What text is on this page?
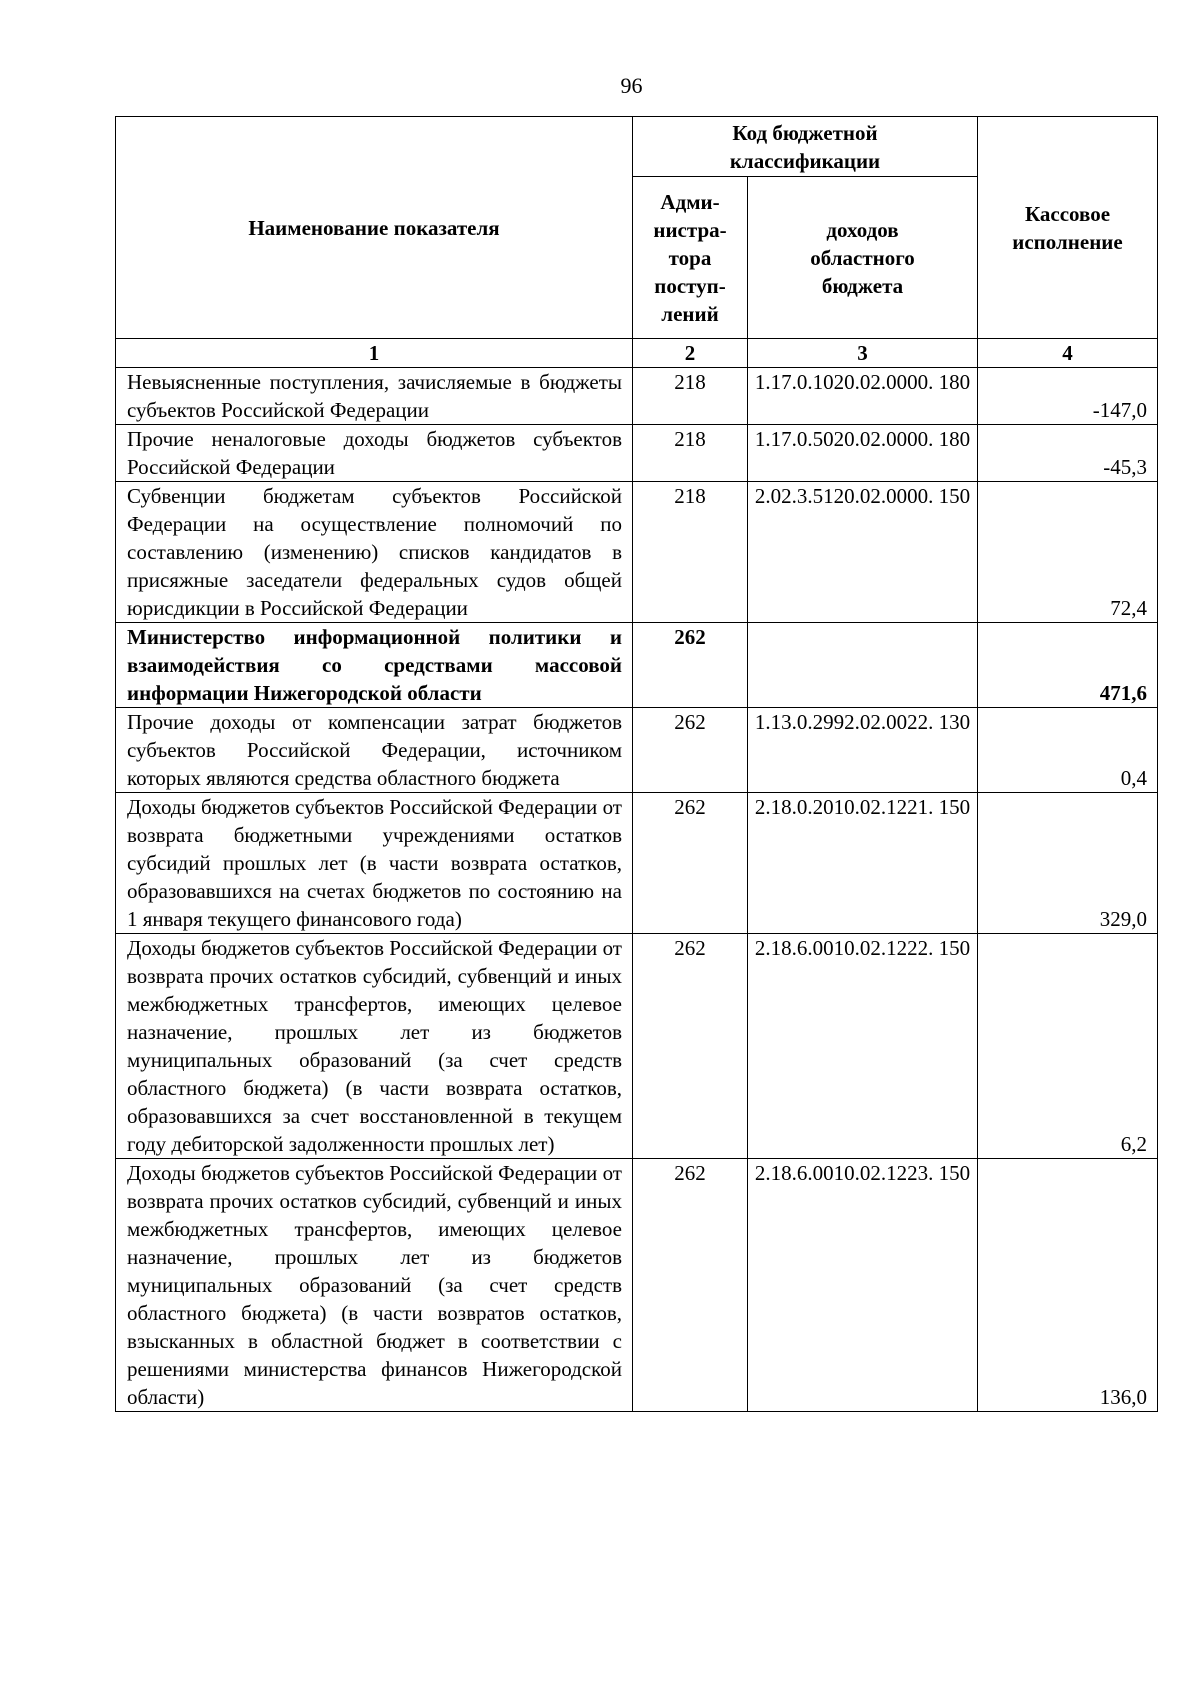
96
Наименование показателя	Код бюджетной классификации		Кассовое исполнение

	Адми-нистра-тора поступ-лений	доходов областного бюджета	

1	2	3	4
Невыясненные поступления, зачисляемые в бюджеты субъектов Российской Федерации	218	1.17.0.1020.02.0000. 180	-147,0
Прочие неналоговые доходы бюджетов субъектов Российской Федерации	218	1.17.0.5020.02.0000. 180	-45,3
Субвенции бюджетам субъектов Российской Федерации на осуществление полномочий по составлению (изменению) списков кандидатов в присяжные заседатели федеральных судов общей юрисдикции в Российской Федерации	218	2.02.3.5120.02.0000. 150	72,4
Министерство информационной политики и взаимодействия со средствами массовой информации Нижегородской области	262		471,6
Прочие доходы от компенсации затрат бюджетов субъектов Российской Федерации, источником которых являются средства областного бюджета	262	1.13.0.2992.02.0022. 130	0,4
Доходы бюджетов субъектов Российской Федерации от возврата бюджетными учреждениями остатков субсидий прошлых лет (в части возврата остатков, образовавшихся на счетах бюджетов по состоянию на 1 января текущего финансового года)	262	2.18.0.2010.02.1221. 150	329,0
Доходы бюджетов субъектов Российской Федерации от возврата прочих остатков субсидий, субвенций и иных межбюджетных трансфертов, имеющих целевое назначение, прошлых лет из бюджетов муниципальных образований (за счет средств областного бюджета) (в части возврата остатков, образовавшихся за счет восстановленной в текущем году дебиторской задолженности прошлых лет)	262	2.18.6.0010.02.1222. 150	6,2
Доходы бюджетов субъектов Российской Федерации от возврата прочих остатков субсидий, субвенций и иных межбюджетных трансфертов, имеющих целевое назначение, прошлых лет из бюджетов муниципальных образований (за счет средств областного бюджета) (в части возвратов остатков, взысканных в областной бюджет в соответствии с решениями министерства финансов Нижегородской области)	262	2.18.6.0010.02.1223. 150	136,0
